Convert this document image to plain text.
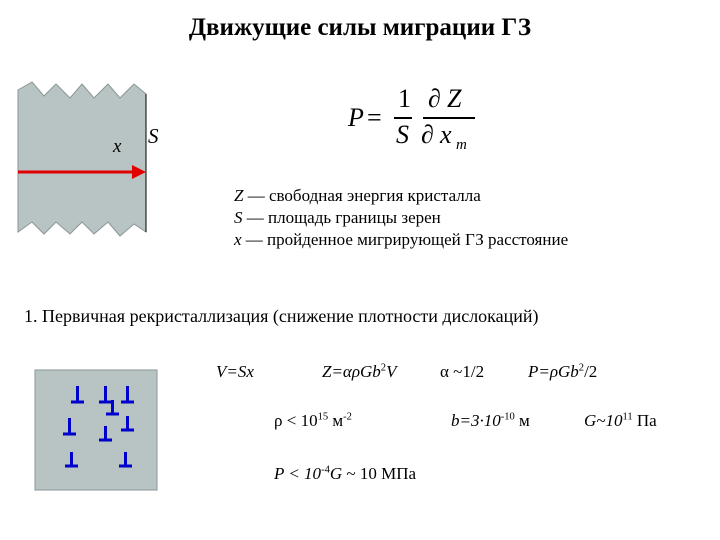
Движущие силы миграции ГЗ
x S
P =
1 ∂ Z
S ∂ x m
Z — свободная энергия кристалла
S — площадь границы зерен
x — пройденное мигрирующей ГЗ расстояние
1. Первичная рекристаллизация (снижение плотности дислокаций)
V=Sx	Z=αρGb$^2$V	α ~1/2	P=ρGb$^2$/2
$\rho < 10^{15}$ $м^{-2}$	$b=3\cdot 10^{-10}$ м	$G\sim 10^{11}$ Па
$P < 10^{-4}G$ ~ 10 МПа
